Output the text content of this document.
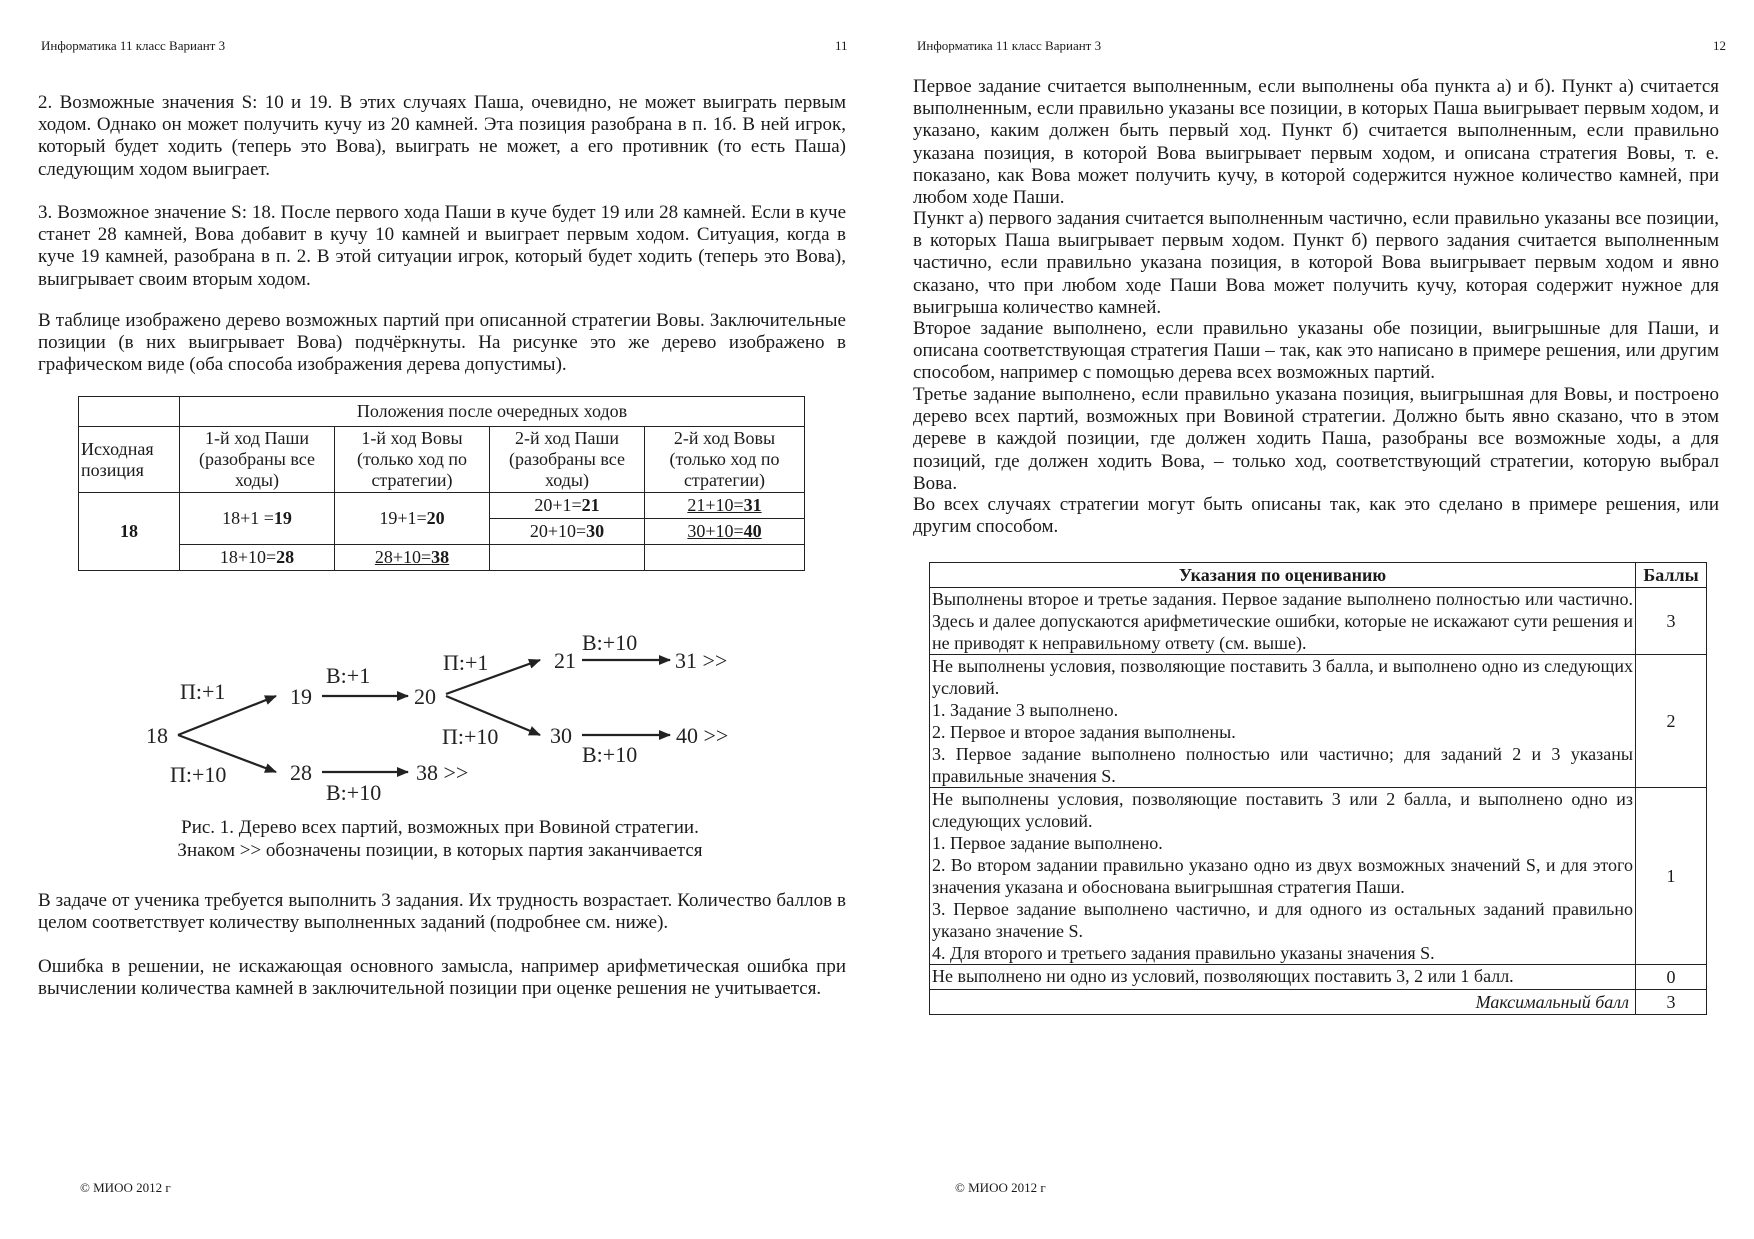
Информатика 11 класс Вариант 3	11

2. Возможные значения S: 10 и 19. В этих случаях Паша, очевидно, не может выиграть первым ходом. Однако он может получить кучу из 20 камней. Эта позиция разобрана в п. 1б. В ней игрок, который будет ходить (теперь это Вова), выиграть не может, а его противник (то есть Паша) следующим ходом выиграет.

3. Возможное значение S: 18. После первого хода Паши в куче будет 19 или 28 камней. Если в куче станет 28 камней, Вова добавит в кучу 10 камней и выиграет первым ходом. Ситуация, когда в куче 19 камней, разобрана в п. 2. В этой ситуации игрок, который будет ходить (теперь это Вова), выигрывает своим вторым ходом.

В таблице изображено дерево возможных партий при описанной стратегии Вовы. Заключительные позиции (в них выигрывает Вова) подчёркнуты. На рисунке это же дерево изображено в графическом виде (оба способа изображения дерева допустимы).

	Положения после очередных ходов			
Исходная позиция	1-й ход Паши (разобраны все ходы)	1-й ход Вовы (только ход по стратегии)	2-й ход Паши (разобраны все ходы)	2-й ход Вовы (только ход по стратегии)
18	18+1 =19	19+1=20	20+1=21	21+10=31
			20+10=30	30+10=40
	18+10=28	28+10=38		
18
19	20
28	38 >>
21
30
31 >>
40 >>
П:+1
П:+10
В:+1
В:+10
П:+1
П:+10
В:+10
В:+10
Рис. 1. Дерево всех партий, возможных при Вовиной стратегии.
Знаком >> обозначены позиции, в которых партия заканчивается

В задаче от ученика требуется выполнить 3 задания. Их трудность возрастает. Количество баллов в целом соответствует количеству выполненных заданий (подробнее см. ниже).

Ошибка в решении, не искажающая основного замысла, например арифметическая ошибка при вычислении количества камней в заключительной позиции при оценке решения не учитывается.

© МИОО 2012 г
Информатика 11 класс Вариант 3	12

Первое задание считается выполненным, если выполнены оба пункта а) и б). Пункт а) считается выполненным, если правильно указаны все позиции, в которых Паша выигрывает первым ходом, и указано, каким должен быть первый ход. Пункт б) считается выполненным, если правильно указана позиция, в которой Вова выигрывает первым ходом, и описана стратегия Вовы, т. е. показано, как Вова может получить кучу, в которой содержится нужное количество камней, при любом ходе Паши.

Пункт а) первого задания считается выполненным частично, если правильно указаны все позиции, в которых Паша выигрывает первым ходом. Пункт б) первого задания считается выполненным частично, если правильно указана позиция, в которой Вова выигрывает первым ходом и явно сказано, что при любом ходе Паши Вова может получить кучу, которая содержит нужное для выигрыша количество камней.

Второе задание выполнено, если правильно указаны обе позиции, выигрышные для Паши, и описана соответствующая стратегия Паши – так, как это написано в примере решения, или другим способом, например с помощью дерева всех возможных партий.

Третье задание выполнено, если правильно указана позиция, выигрышная для Вовы, и построено дерево всех партий, возможных при Вовиной стратегии. Должно быть явно сказано, что в этом дереве в каждой позиции, где должен ходить Паша, разобраны все возможные ходы, а для позиций, где должен ходить Вова, – только ход, соответствующий стратегии, которую выбрал Вова.

Во всех случаях стратегии могут быть описаны так, как это сделано в примере решения, или другим способом.

Указания по оцениванию	Баллы
Выполнены второе и третье задания. Первое задание выполнено полностью или частично. Здесь и далее допускаются арифметические ошибки, которые не искажают сути решения и не приводят к неправильному ответу (см. выше).	3

Не выполнены условия, позволяющие поставить 3 балла, и выполнено одно из следующих условий.
1. Задание 3 выполнено.
2. Первое и второе задания выполнены.
3. Первое задание выполнено полностью или частично; для заданий 2 и 3 указаны правильные значения S.	2

Не выполнены условия, позволяющие поставить 3 или 2 балла, и выполнено одно из следующих условий.
1. Первое задание выполнено.
2. Во втором задании правильно указано одно из двух возможных значений S, и для этого значения указана и обоснована выигрышная стратегия Паши.
3. Первое задание выполнено частично, и для одного из остальных заданий правильно указано значение S.
4. Для второго и третьего задания правильно указаны значения S.	1
Не выполнено ни одно из условий, позволяющих поставить 3, 2 или 1 балл.	0
Максимальный балл	3
© МИОО 2012 г
